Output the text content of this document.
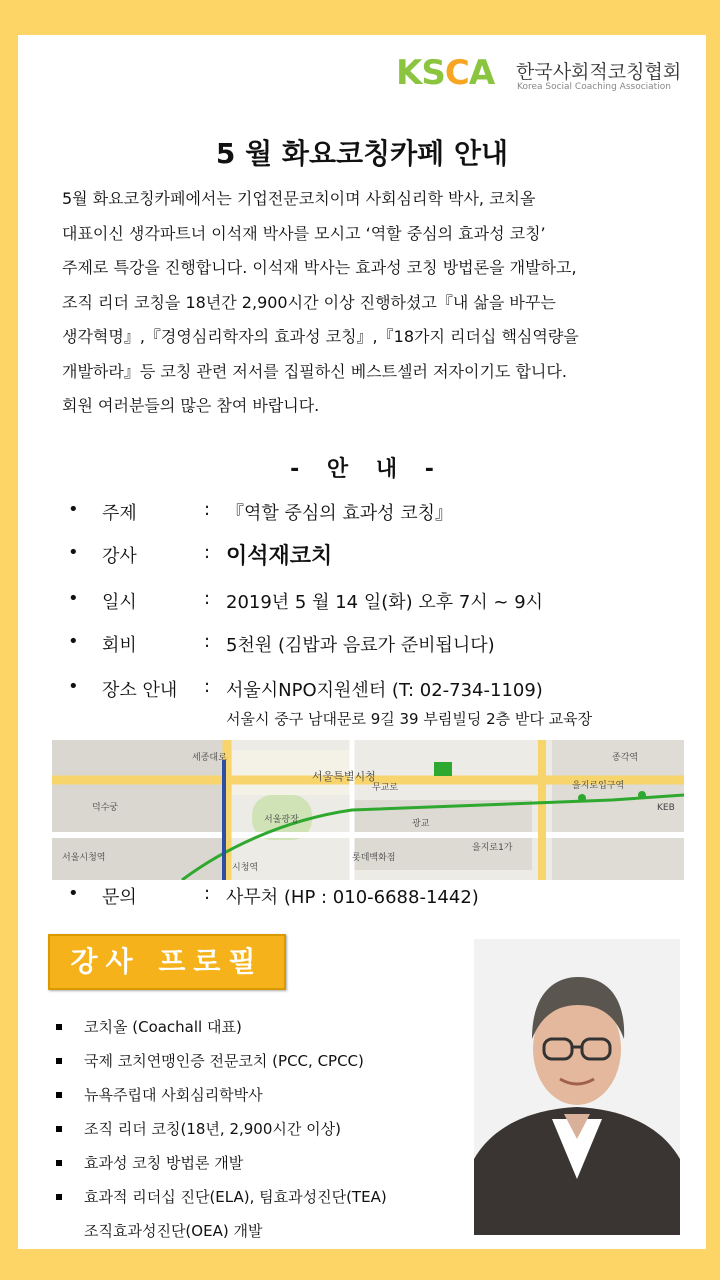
KSCA 한국사회적코칭협회
Korea Social Coaching Association
5 월 화요코칭카페 안내
5월 화요코칭카페에서는 기업전문코치이며 사회심리학 박사, 코치올
대표이신 생각파트너 이석재 박사를 모시고 ‘역할 중심의 효과성 코칭’
주제로 특강을 진행합니다. 이석재 박사는 효과성 코칭 방법론을 개발하고,
조직 리더 코칭을 18년간 2,900시간 이상 진행하셨고『내 삶을 바꾸는
생각혁명』,『경영심리학자의 효과성 코칭』,『18가지 리더십 핵심역량을
개발하라』등 코칭 관련 저서를 집필하신 베스트셀러 저자이기도 합니다.
회원 여러분들의 많은 참여 바랍니다.
- 안 내 -
• 주제	: 『역할 중심의 효과성 코칭』
• 강사	: 이석재코치
• 일시	: 2019년 5 월 14 일(화) 오후 7시 ~ 9시
• 회비	: 5천원 (김밥과 음료가 준비됩니다)
• 장소 안내 : 서울시NPO지원센터 (T: 02-734-1109)
서울시 중구 남대문로 9길 39 부림빌딩 2층 받다 교육장
서울특별시청
서울광장
을지로입구역
시청역
서울시청역
종각역
광교
을지로1가
덕수궁
세종대로
롯데백화점
무교로
KEB
• 문의	: 사무처 (HP : 010-6688-1442)
강사 프로필
코치올 (Coachall 대표)
국제 코치연맹인증 전문코치 (PCC, CPCC)
뉴욕주립대 사회심리학박사
조직 리더 코칭(18년, 2,900시간 이상)
효과성 코칭 방법론 개발
효과적 리더십 진단(ELA), 팀효과성진단(TEA)
조직효과성진단(OEA) 개발
